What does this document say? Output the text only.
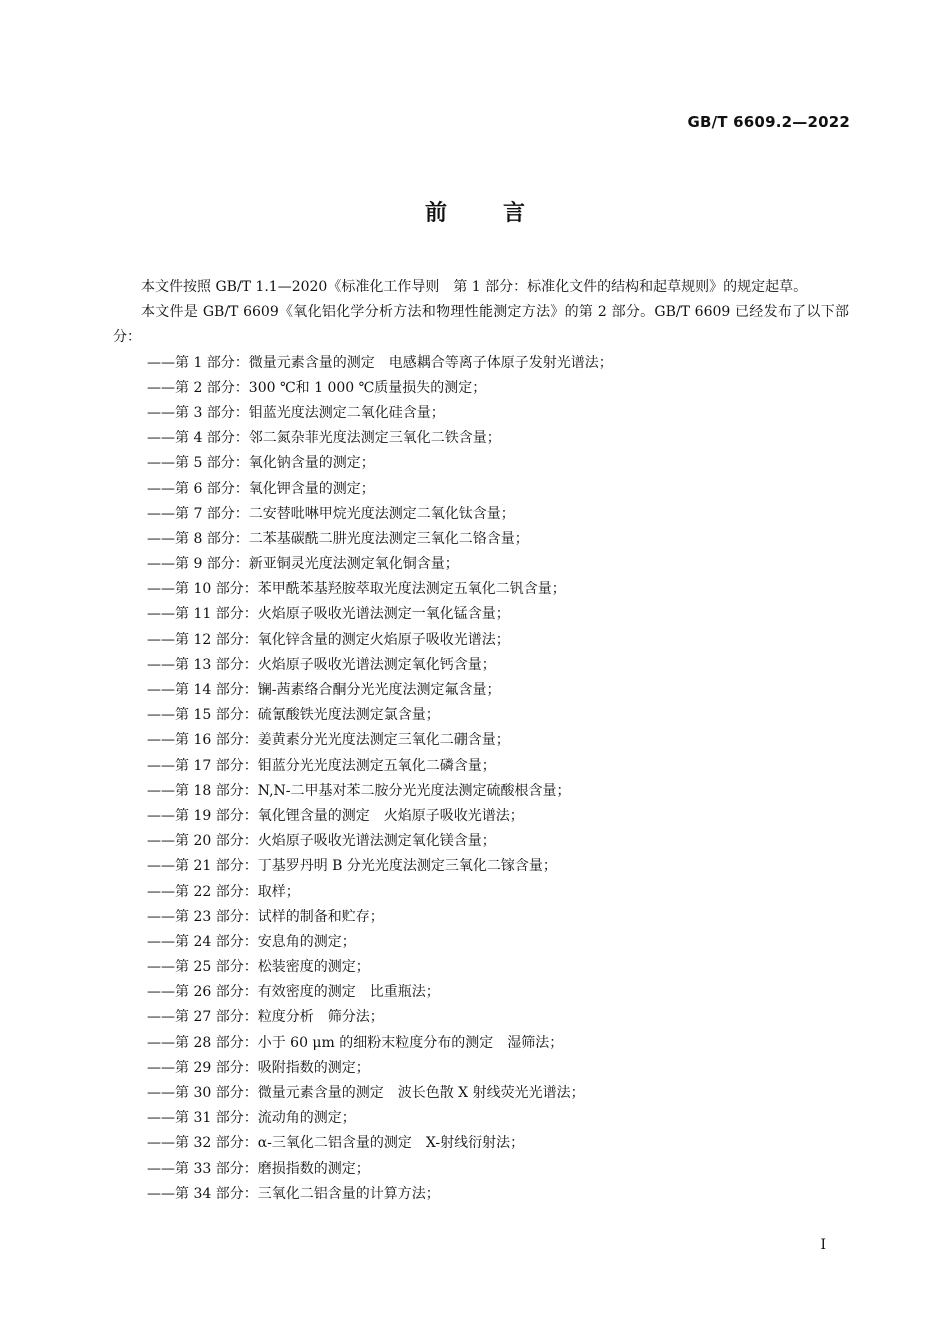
GB/T 6609.2—2022
前言

本文件按照 GB/T 1.1—2020《标准化工作导则　第 1 部分：标准化文件的结构和起草规则》的规定起草。

本文件是 GB/T 6609《氧化铝化学分析方法和物理性能测定方法》的第 2 部分。GB/T 6609 已经发布了以下部分：

——第 1 部分：微量元素含量的测定　电感耦合等离子体原子发射光谱法；
——第 2 部分：300 ℃和 1 000 ℃质量损失的测定；
——第 3 部分：钼蓝光度法测定二氧化硅含量；
——第 4 部分：邻二氮杂菲光度法测定三氧化二铁含量；
——第 5 部分：氧化钠含量的测定；
——第 6 部分：氧化钾含量的测定；
——第 7 部分：二安替吡啉甲烷光度法测定二氧化钛含量；
——第 8 部分：二苯基碳酰二肼光度法测定三氧化二铬含量；
——第 9 部分：新亚铜灵光度法测定氧化铜含量；
——第 10 部分：苯甲酰苯基羟胺萃取光度法测定五氧化二钒含量；
——第 11 部分：火焰原子吸收光谱法测定一氧化锰含量；
——第 12 部分：氧化锌含量的测定火焰原子吸收光谱法；
——第 13 部分：火焰原子吸收光谱法测定氧化钙含量；
——第 14 部分：镧-茜素络合酮分光光度法测定氟含量；
——第 15 部分：硫氰酸铁光度法测定氯含量；
——第 16 部分：姜黄素分光光度法测定三氧化二硼含量；
——第 17 部分：钼蓝分光光度法测定五氧化二磷含量；
——第 18 部分：N,N-二甲基对苯二胺分光光度法测定硫酸根含量；
——第 19 部分：氧化锂含量的测定　火焰原子吸收光谱法；
——第 20 部分：火焰原子吸收光谱法测定氧化镁含量；
——第 21 部分：丁基罗丹明 B 分光光度法测定三氧化二镓含量；
——第 22 部分：取样；
——第 23 部分：试样的制备和贮存；
——第 24 部分：安息角的测定；
——第 25 部分：松装密度的测定；
——第 26 部分：有效密度的测定　比重瓶法；
——第 27 部分：粒度分析　筛分法；
——第 28 部分：小于 60 μm 的细粉末粒度分布的测定　湿筛法；
——第 29 部分：吸附指数的测定；
——第 30 部分：微量元素含量的测定　波长色散 X 射线荧光光谱法；
——第 31 部分：流动角的测定；
——第 32 部分：α-三氧化二铝含量的测定　X-射线衍射法；
——第 33 部分：磨损指数的测定；
——第 34 部分：三氧化二铝含量的计算方法；
I
